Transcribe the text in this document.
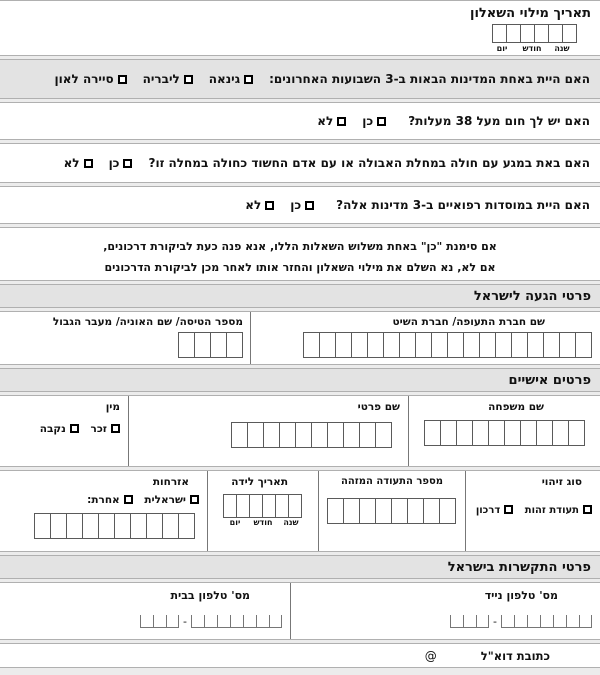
תאריך מילוי השאלון
שנה
חודש
יום
האם היית באחת המדינות הבאות ב-3 השבועות האחרונים:
גינאה
ליבריה
סיירה לאון
האם יש לך חום מעל 38 מעלות?
כן
לא
האם באת במגע עם חולה במחלת האבולה או עם אדם החשוד כחולה במחלה זו?
כן
לא
האם היית במוסדות רפואיים ב-3 מדינות אלה?
כן
לא
אם סימנת "כן" באחת משלוש השאלות הללו, אנא פנה כעת לביקורת דרכונים,
אם לא, נא השלם את מילוי השאלון והחזר אותו לאחר מכן לביקורת הדרכונים
פרטי הגעה לישראל
שם חברת התעופה/ חברת השיט
מספר הטיסה/ שם האוניה/ מעבר הגבול
פרטים אישיים
שם משפחה
שם פרטי
מין
זכר נקבה
סוג זיהוי
תעודת זהות דרכון
מספר התעודה המזהה
תאריך לידה
שנה
חודש
יום
אזרחות
ישראלית אחרת:
פרטי התקשרות בישראל
מס' טלפון נייד
-
מס' טלפון בבית
-
כתובת דוא"ל
@
